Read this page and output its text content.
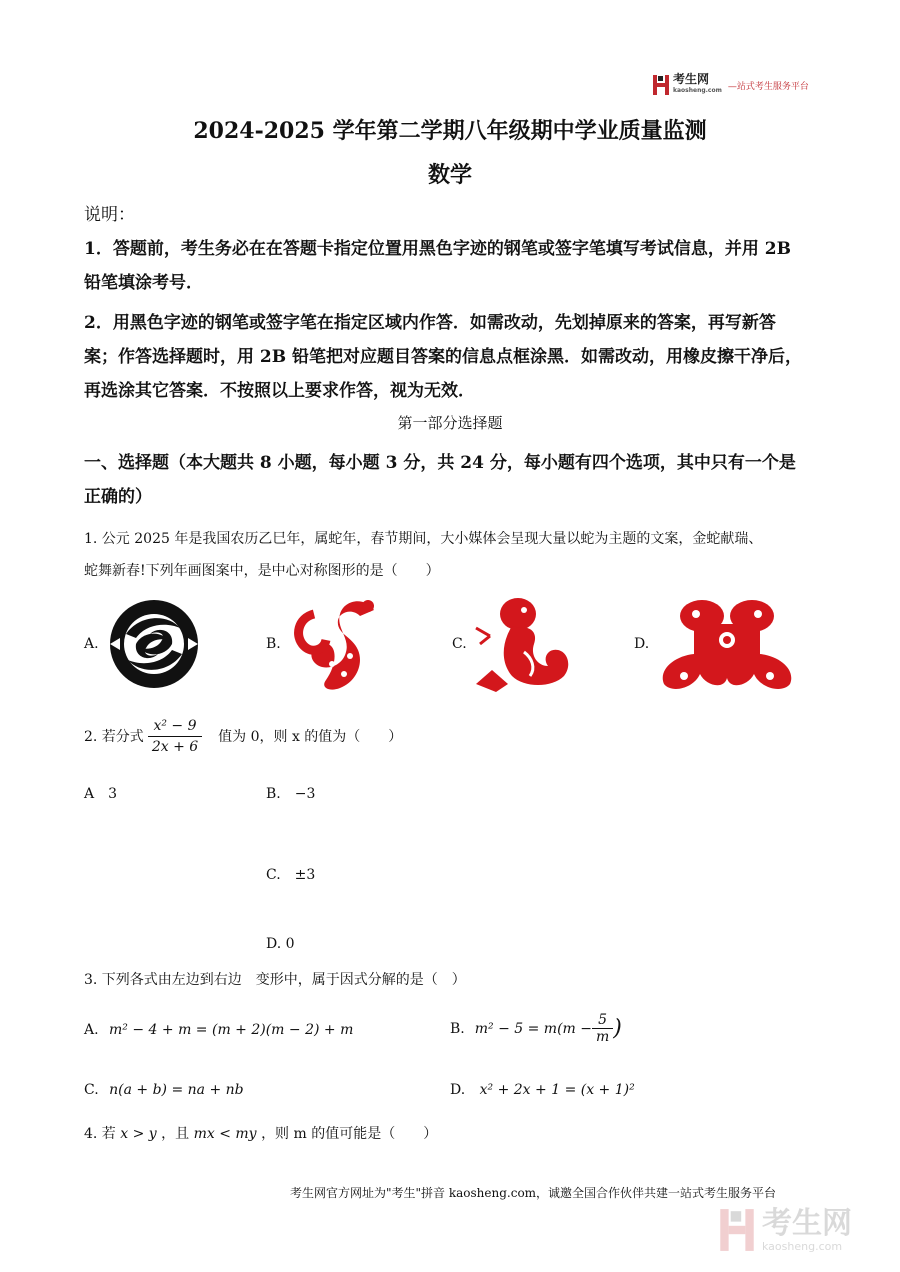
考生网
kaosheng.com —站式考生服务平台
2024-2025 学年第二学期八年级期中学业质量监测
数学
说明：
1．答题前，考生务必在在答题卡指定位置用黑色字迹的钢笔或签字笔填写考试信息，并用 2B
铅笔填涂考号．
2．用黑色字迹的钢笔或签字笔在指定区域内作答．如需改动，先划掉原来的答案，再写新答
案；作答选择题时，用 2B 铅笔把对应题目答案的信息点框涂黑．如需改动，用橡皮擦干净后，
再选涂其它答案．不按照以上要求作答，视为无效．
第一部分选择题
一、选择题（本大题共 8 小题，每小题 3 分，共 24 分，每小题有四个选项，其中只有一个是
正确的）
1. 公元 2025 年是我国农历乙巳年，属蛇年，春节期间，大小媒体会呈现大量以蛇为主题的文案，金蛇献瑞、
蛇舞新春!下列年画图案中，是中心对称图形的是（　　）
A.	B.	C.	D.
2. 若分式 $\frac{\text{x² − 9}}{2x + 6}$ 值为 0，则 x 的值为（　　）
A　3	B.　−3
C.　±3
D. 0
3. 下列各式由左边到右边　变形中，属于因式分解的是（　）
A. m² − 4 + m = (m + 2)(m − 2) + m	B. $m^2 - 5 = m(m - \frac{5}{m}$ )
C. n(a + b) = na + nb	D. x² + 2x + 1 = (x + 1)²
4. 若 x > y ，且 mx < my ，则 m 的值可能是（　　）
考生网官方网址为"考生"拼音 kaosheng.com，诚邀全国合作伙伴共建一站式考生服务平台
考生网
kaosheng.com
